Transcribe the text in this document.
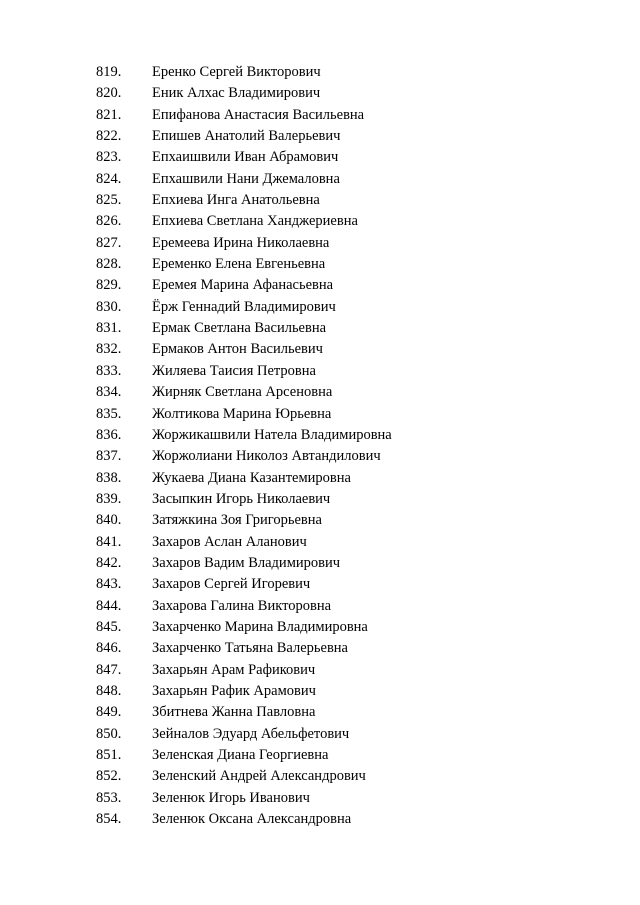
819. Еренко Сергей Викторович
820. Еник Алхас Владимирович
821. Епифанова Анастасия Васильевна
822. Епишев Анатолий Валерьевич
823. Епхаишвили Иван Абрамович
824. Епхашвили Нани Джемаловна
825. Епхиева Инга Анатольевна
826. Епхиева Светлана Ханджериевна
827. Еремеева Ирина Николаевна
828. Еременко Елена Евгеньевна
829. Еремея Марина Афанасьевна
830. Ёрж Геннадий Владимирович
831. Ермак Светлана Васильевна
832. Ермаков Антон Васильевич
833. Жиляева Таисия Петровна
834. Жирняк Светлана Арсеновна
835. Жолтикова Марина Юрьевна
836. Жоржикашвили Натела Владимировна
837. Жоржолиани Николоз Автандилович
838. Жукаева Диана Казантемировна
839. Засыпкин Игорь Николаевич
840. Затяжкина Зоя Григорьевна
841. Захаров Аслан Аланович
842. Захаров Вадим Владимирович
843. Захаров Сергей Игоревич
844. Захарова Галина Викторовна
845. Захарченко Марина Владимировна
846. Захарченко Татьяна Валерьевна
847. Захарьян Арам Рафикович
848. Захарьян Рафик Арамович
849. Збитнева Жанна Павловна
850. Зейналов Эдуард Абельфетович
851. Зеленская Диана Георгиевна
852. Зеленский Андрей Александрович
853. Зеленюк Игорь Иванович
854. Зеленюк Оксана Александровна
